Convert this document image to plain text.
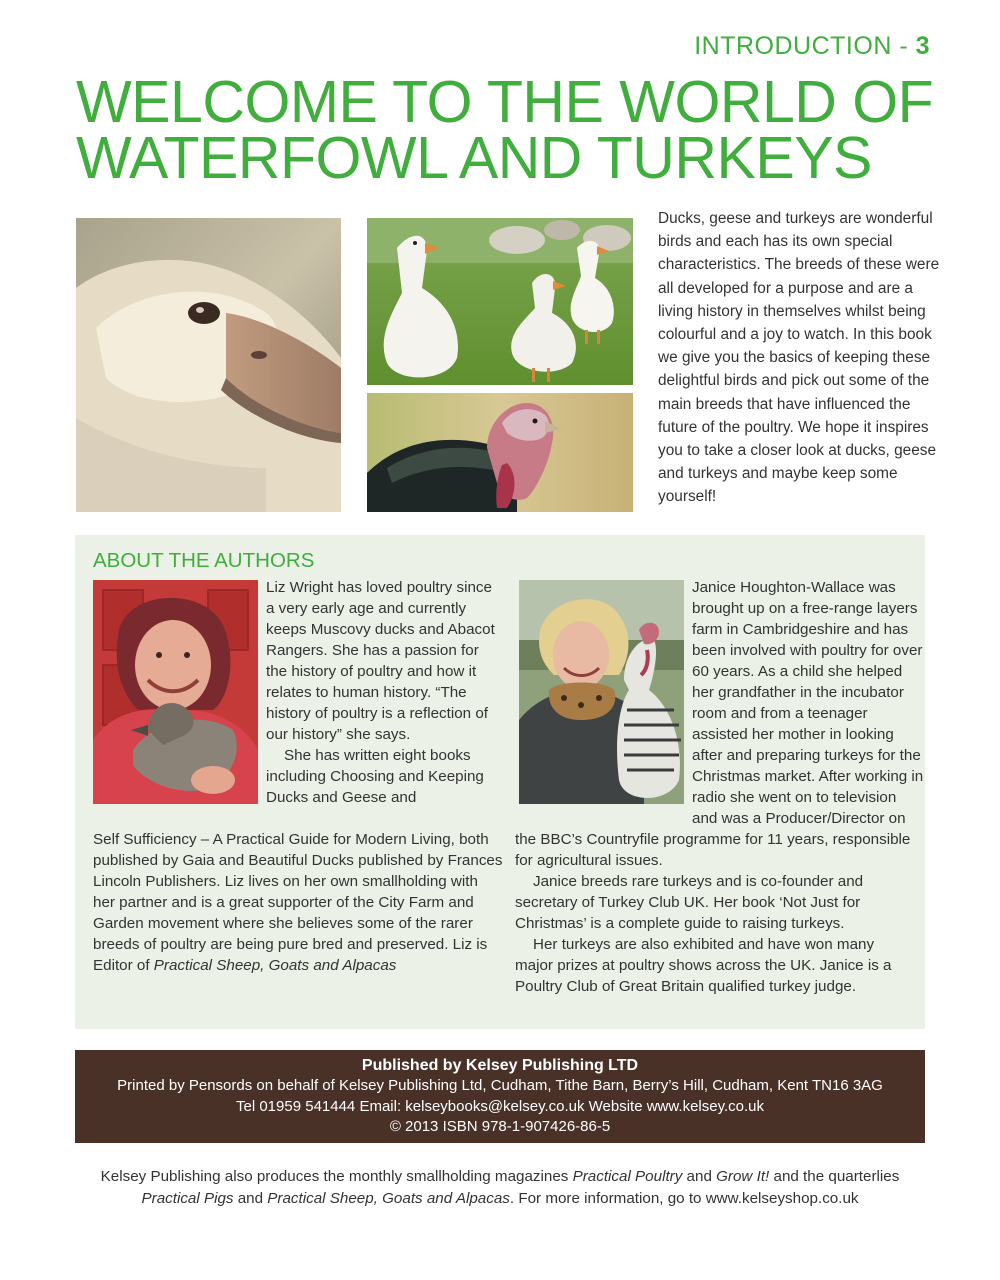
INTRODUCTION - 3
WELCOME TO THE WORLD OF
WATERFOWL AND TURKEYS
Ducks, geese and turkeys are wonderful birds and each has its own special characteristics. The breeds of these were all developed for a purpose and are a living history in themselves whilst being colourful and a joy to watch. In this book we give you the basics of keeping these delightful birds and pick out some of the main breeds that have influenced the future of the poultry. We hope it inspires you to take a closer look at ducks, geese and turkeys and maybe keep some yourself!
ABOUT THE AUTHORS

Liz Wright has loved poultry since a very early age and currently keeps Muscovy ducks and Abacot Rangers. She has a passion for the history of poultry and how it relates to human history. “The history of poultry is a reflection of our history” she says.

She has written eight books including Choosing and Keeping Ducks and Geese and

Self Sufficiency – A Practical Guide for Modern Living, both published by Gaia and Beautiful Ducks published by Frances Lincoln Publishers. Liz lives on her own smallholding with her partner and is a great supporter of the City Farm and Garden movement where she believes some of the rarer breeds of poultry are being pure bred and preserved. Liz is Editor of Practical Sheep, Goats and Alpacas

Janice Houghton-Wallace was brought up on a free-range layers farm in Cambridgeshire and has been involved with poultry for over 60 years. As a child she helped her grandfather in the incubator room and from a teenager assisted her mother in looking after and preparing turkeys for the Christmas market. After working in radio she went on to television and was a Producer/Director on

the BBC’s Countryfile programme for 11 years, responsible for agricultural issues.

Janice breeds rare turkeys and is co-founder and secretary of Turkey Club UK. Her book ‘Not Just for Christmas’ is a complete guide to raising turkeys.

Her turkeys are also exhibited and have won many major prizes at poultry shows across the UK. Janice is a Poultry Club of Great Britain qualified turkey judge.

Published by Kelsey Publishing LTD
Printed by Pensords on behalf of Kelsey Publishing Ltd, Cudham, Tithe Barn, Berry’s Hill, Cudham, Kent TN16 3AG
Tel 01959 541444 Email: kelseybooks@kelsey.co.uk Website www.kelsey.co.uk
© 2013 ISBN 978-1-907426-86-5
Kelsey Publishing also produces the monthly smallholding magazines Practical Poultry and Grow It! and the quarterlies
Practical Pigs and Practical Sheep, Goats and Alpacas. For more information, go to www.kelseyshop.co.uk
